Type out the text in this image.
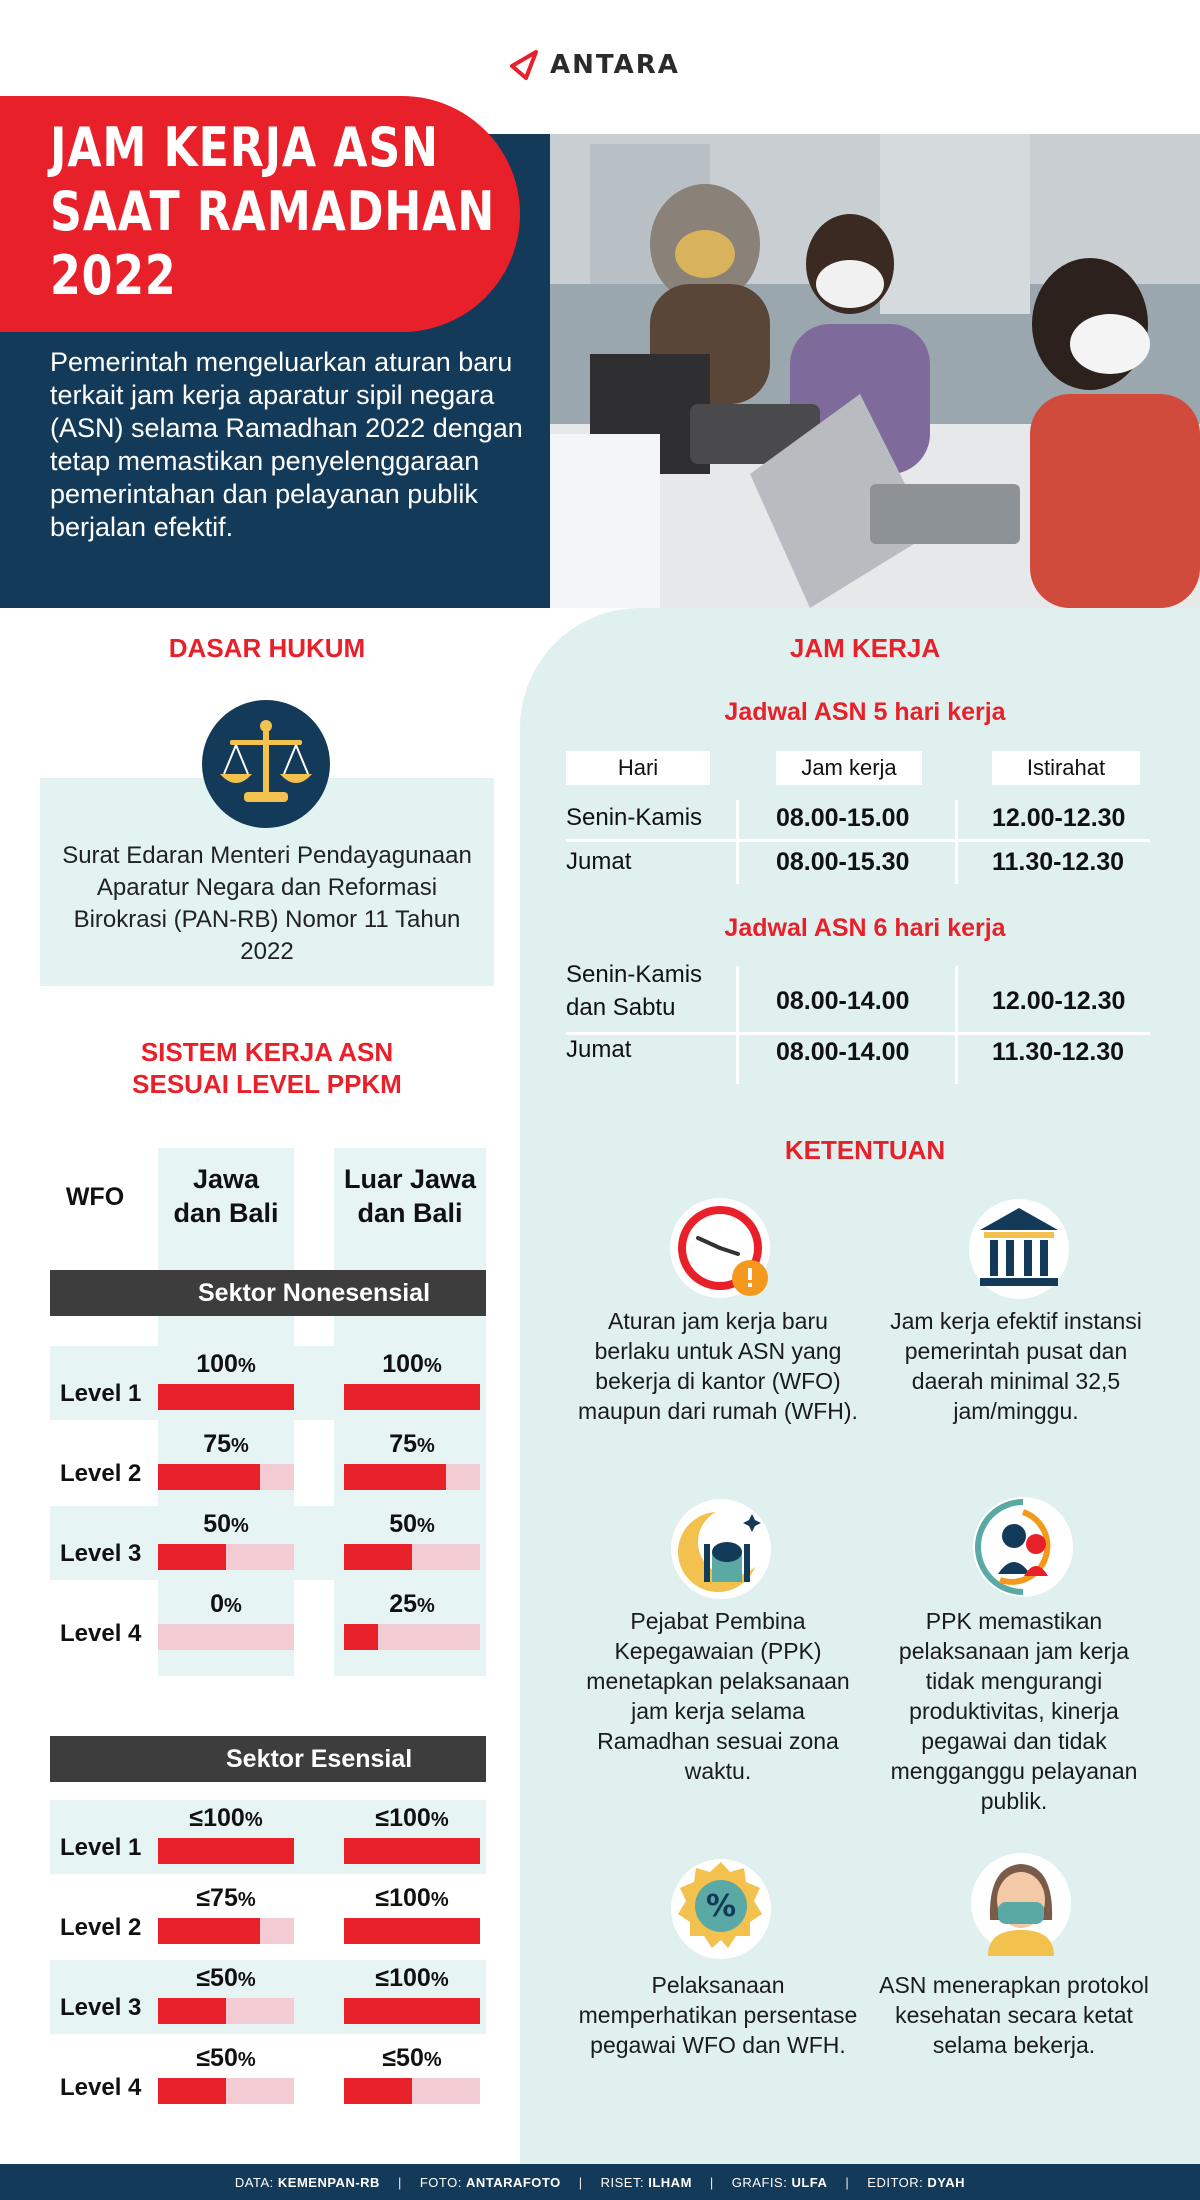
ANTARA
JAM KERJA ASN
SAAT RAMADHAN
2022

Pemerintah mengeluarkan aturan baru terkait jam kerja aparatur sipil negara (ASN) selama Ramadhan 2022 dengan tetap memastikan penyelenggaraan pemerintahan dan pelayanan publik berjalan efektif.

DASAR HUKUM
Surat Edaran Menteri Pendayagunaan Aparatur Negara dan Reformasi Birokrasi (PAN-RB) Nomor 11 Tahun 2022
SISTEM KERJA ASN
SESUAI LEVEL PPKM
WFO
Jawa
dan Bali
Luar Jawa
dan Bali
Sektor Nonesensial
Level 1
100%	100%
Level 2
75%	75%
Level 3
50%	50%
Level 4
0%	25%
Sektor Esensial
Level 1
≤100%	≤100%
Level 2
≤75%	≤100%
Level 3
≤50%	≤100%
Level 4
≤50%	≤50%
JAM KERJA
Jadwal ASN 5 hari kerja
Hari	Jam kerja	Istirahat
Senin-Kamis	08.00-15.00	12.00-12.30
Jumat	08.00-15.30	11.30-12.30
Jadwal ASN 6 hari kerja
Senin-Kamis
dan Sabtu	08.00-14.00	12.00-12.30
Jumat	08.00-14.00	11.30-12.30
KETENTUAN
Aturan jam kerja baru berlaku untuk ASN yang bekerja di kantor (WFO) maupun dari rumah (WFH).
Jam kerja efektif instansi pemerintah pusat dan daerah minimal 32,5 jam/minggu.
Pejabat Pembina Kepegawaian (PPK) menetapkan pelaksanaan jam kerja selama Ramadhan sesuai zona waktu.
PPK memastikan pelaksanaan jam kerja tidak mengurangi produktivitas, kinerja pegawai dan tidak mengganggu pelayanan publik.
%
Pelaksanaan memperhatikan persentase pegawai WFO dan WFH.
ASN menerapkan protokol kesehatan secara ketat selama bekerja.
DATA: KEMENPAN-RB | FOTO: ANTARAFOTO | RISET: ILHAM | GRAFIS: ULFA | EDITOR: DYAH
